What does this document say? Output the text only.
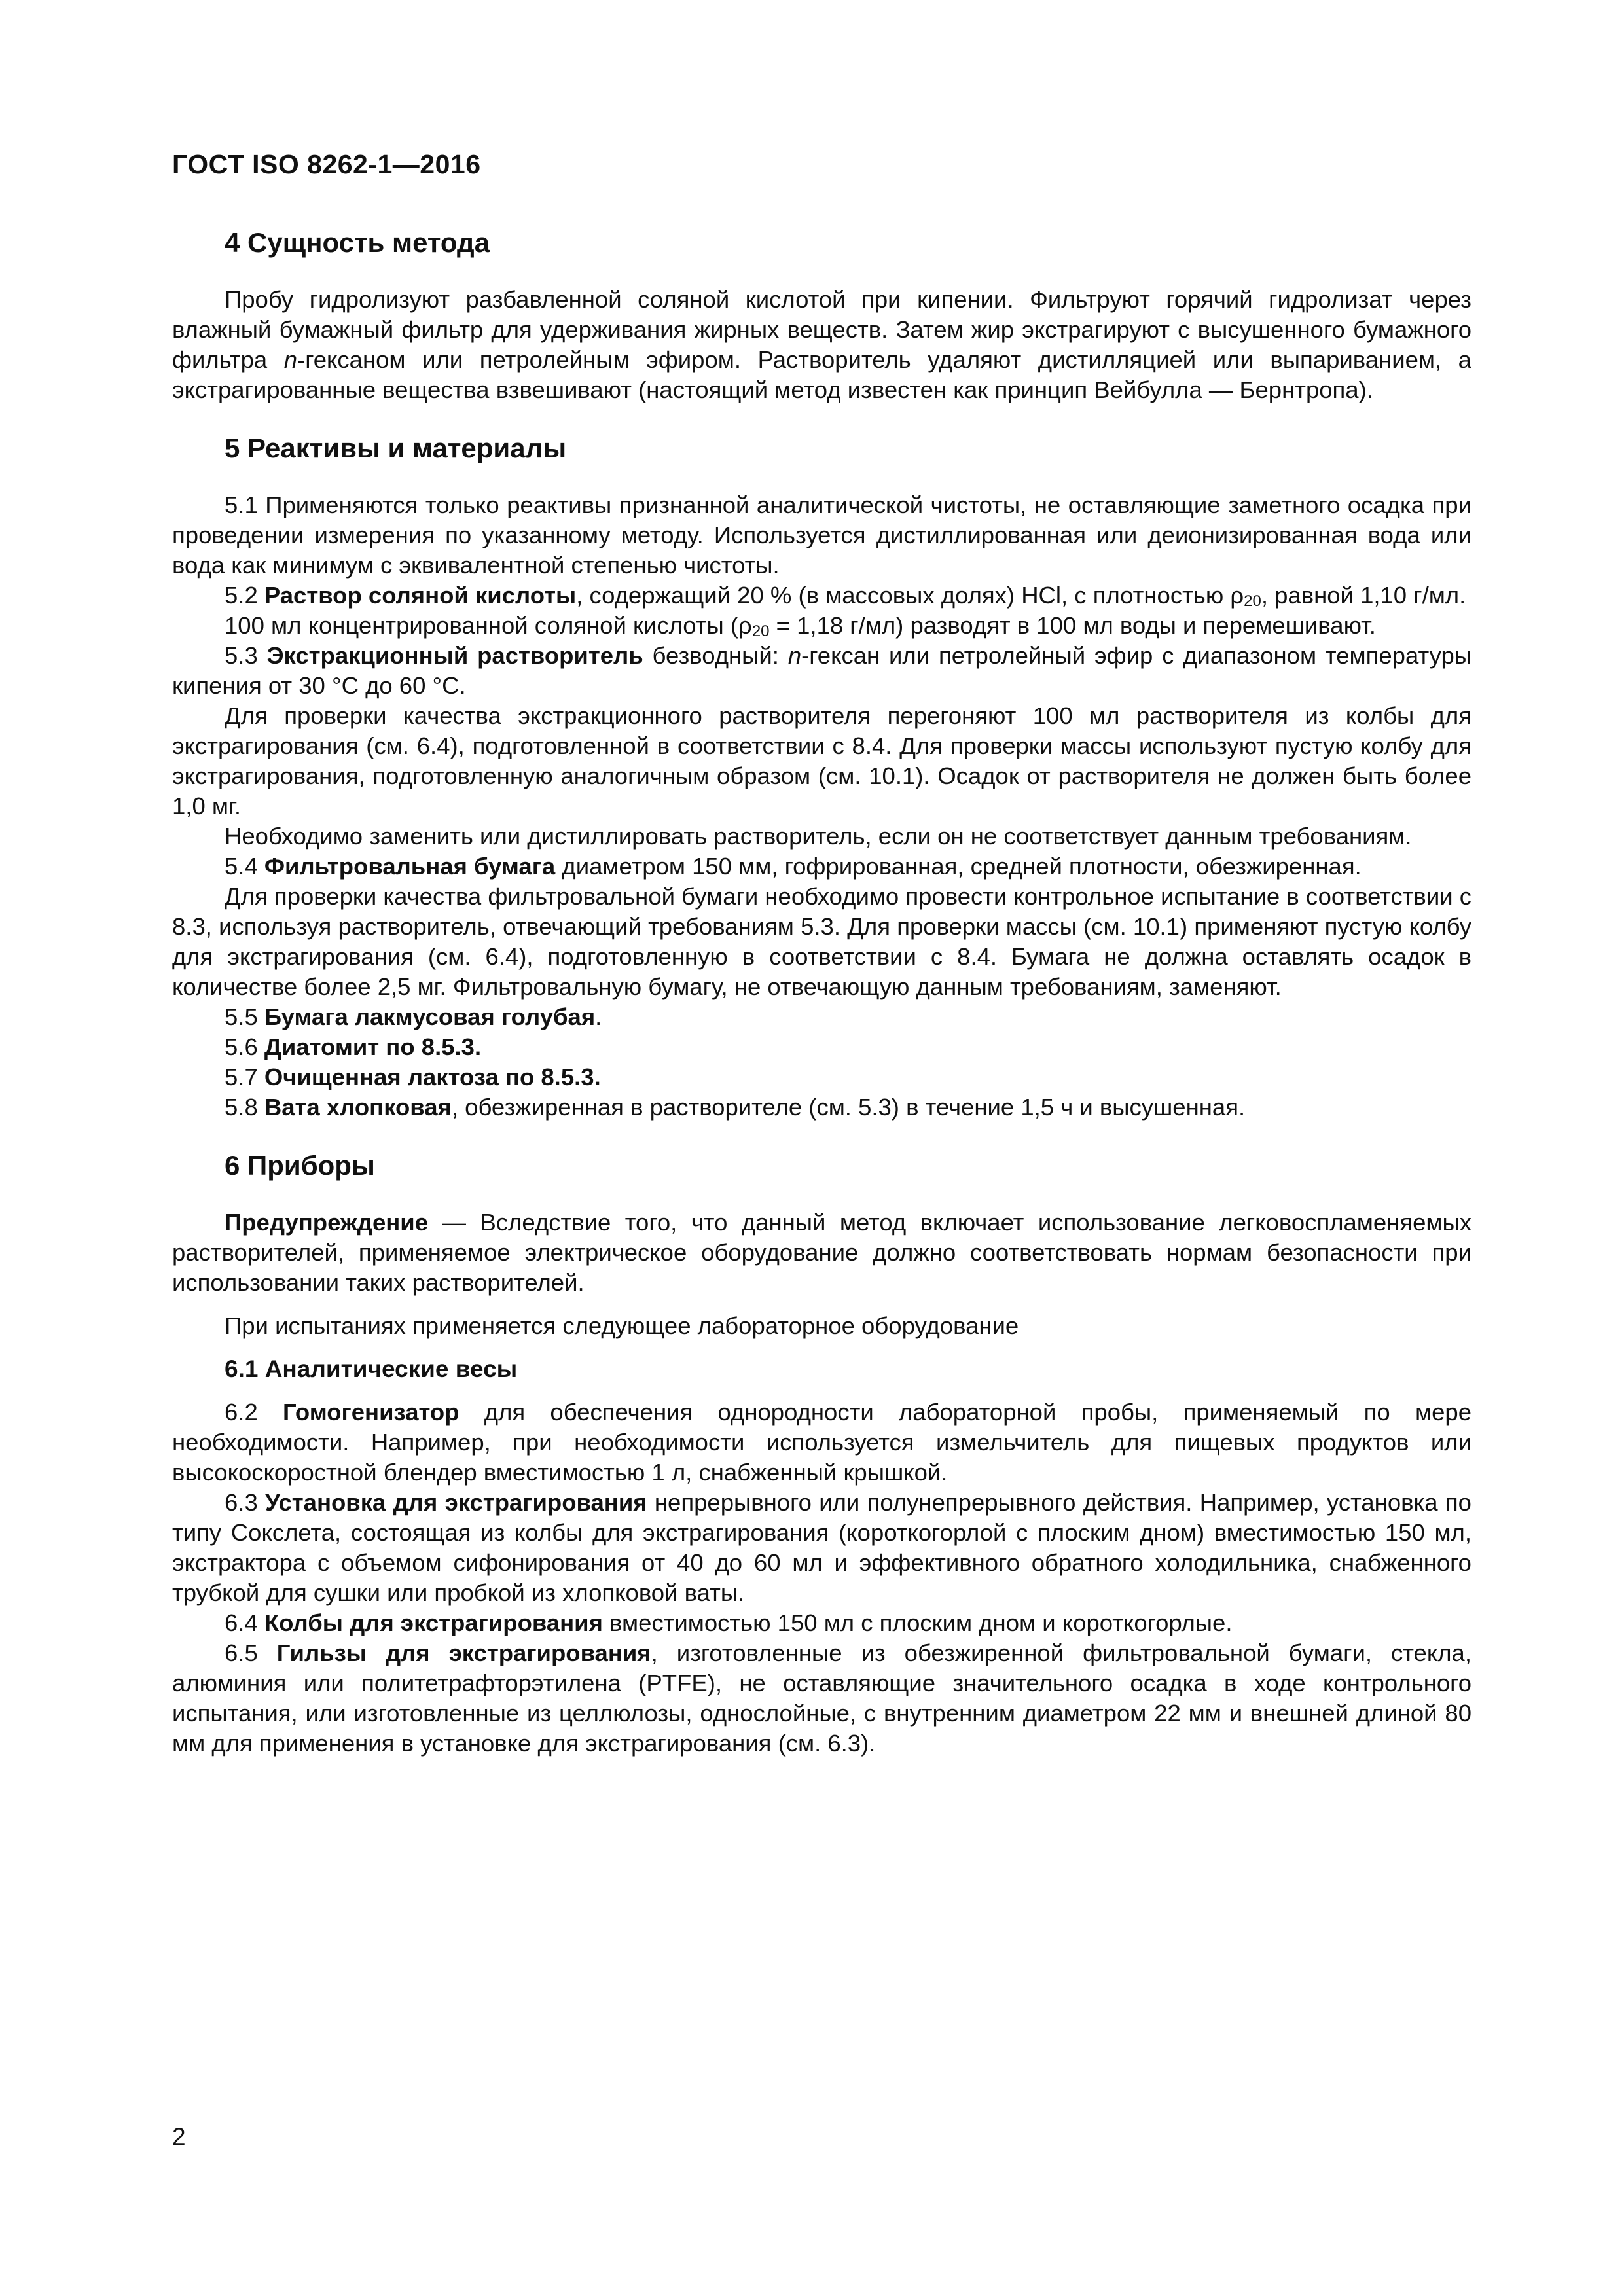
ГОСТ ISO 8262-1—2016
4 Сущность метода

Пробу гидролизуют разбавленной соляной кислотой при кипении. Фильтруют горячий гидролизат через влажный бумажный фильтр для удерживания жирных веществ. Затем жир экстрагируют с высушенного бумажного фильтра n-гексаном или петролейным эфиром. Растворитель удаляют дистилляцией или выпариванием, а экстрагированные вещества взвешивают (настоящий метод известен как принцип Вейбулла — Бернтропа).

5 Реактивы и материалы

5.1 Применяются только реактивы признанной аналитической чистоты, не оставляющие заметного осадка при проведении измерения по указанному методу. Используется дистиллированная или деионизированная вода или вода как минимум с эквивалентной степенью чистоты.

5.2 Раствор соляной кислоты, содержащий 20 % (в массовых долях) HCl, с плотностью $\rho_{20}$, равной 1,10 г/мл.

100 мл концентрированной соляной кислоты ($\rho_{20} = 1,18$ г/мл) разводят в 100 мл воды и перемешивают.

5.3 Экстракционный растворитель безводный: n-гексан или петролейный эфир с диапазоном температуры кипения от 30 °С до 60 °С.

Для проверки качества экстракционного растворителя перегоняют 100 мл растворителя из колбы для экстрагирования (см. 6.4), подготовленной в соответствии с 8.4. Для проверки массы используют пустую колбу для экстрагирования, подготовленную аналогичным образом (см. 10.1). Осадок от растворителя не должен быть более 1,0 мг.

Необходимо заменить или дистиллировать растворитель, если он не соответствует данным требованиям.

5.4 Фильтровальная бумага диаметром 150 мм, гофрированная, средней плотности, обезжиренная.

Для проверки качества фильтровальной бумаги необходимо провести контрольное испытание в соответствии с 8.3, используя растворитель, отвечающий требованиям 5.3. Для проверки массы (см. 10.1) применяют пустую колбу для экстрагирования (см. 6.4), подготовленную в соответствии с 8.4. Бумага не должна оставлять осадок в количестве более 2,5 мг. Фильтровальную бумагу, не отвечающую данным требованиям, заменяют.

5.5 Бумага лакмусовая голубая.

5.6 Диатомит по 8.5.3.

5.7 Очищенная лактоза по 8.5.3.

5.8 Вата хлопковая, обезжиренная в растворителе (см. 5.3) в течение 1,5 ч и высушенная.

6 Приборы

Предупреждение — Вследствие того, что данный метод включает использование легковоспламеняемых растворителей, применяемое электрическое оборудование должно соответствовать нормам безопасности при использовании таких растворителей.

При испытаниях применяется следующее лабораторное оборудование

6.1 Аналитические весы

6.2 Гомогенизатор для обеспечения однородности лабораторной пробы, применяемый по мере необходимости. Например, при необходимости используется измельчитель для пищевых продуктов или высокоскоростной блендер вместимостью 1 л, снабженный крышкой.

6.3 Установка для экстрагирования непрерывного или полунепрерывного действия. Например, установка по типу Сокслета, состоящая из колбы для экстрагирования (короткогорлой с плоским дном) вместимостью 150 мл, экстрактора с объемом сифонирования от 40 до 60 мл и эффективного обратного холодильника, снабженного трубкой для сушки или пробкой из хлопковой ваты.

6.4 Колбы для экстрагирования вместимостью 150 мл с плоским дном и короткогорлые.

6.5 Гильзы для экстрагирования, изготовленные из обезжиренной фильтровальной бумаги, стекла, алюминия или политетрафторэтилена (PTFE), не оставляющие значительного осадка в ходе контрольного испытания, или изготовленные из целлюлозы, однослойные, с внутренним диаметром 22 мм и внешней длиной 80 мм для применения в установке для экстрагирования (см. 6.3).

2
